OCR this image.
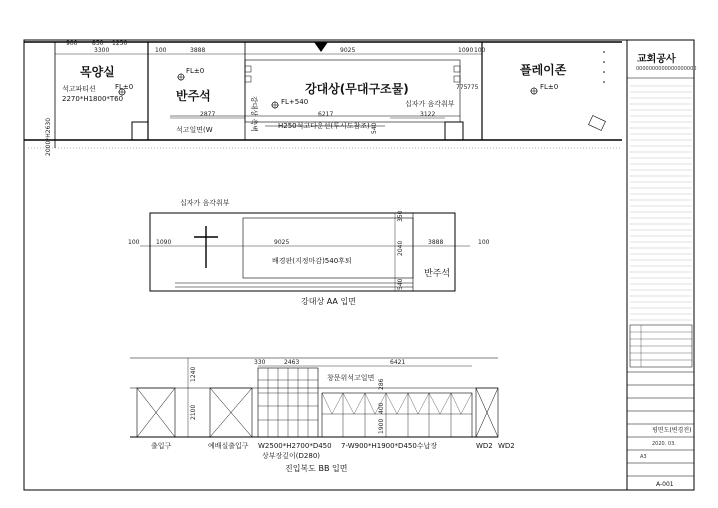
목양실
반주석	강대상(무대구조물)
플레이존
FL±0
FL±0
FL+540
FL±0
석고파티션
2270*H1800*T60
십자가 음각취부
H250석고다운선(투시도참조)
석고일면(W	강대상 측벽
900 850 1250
3300	100	3888	9025	1090 100
2877	6217	3122
540
775 775
2000*H2630
십자가 음각취부
배경판(지정마감)540후퇴
반주석
강대상 AA 입면
100	1090	9025	3888	100
350
2040
540
창문위석고일면
출입구	예배실출입구 W2500*H2700*D450
상부장깊이(D280)
7-W900*H1900*D450수납장	WD2 WD2
진입복도 BB 입면
330	2463	6421
1240
2100
286
400
1900
교회공사
0000000000000000000
평면도(변경전)
2020. 03.
A3
A-001
